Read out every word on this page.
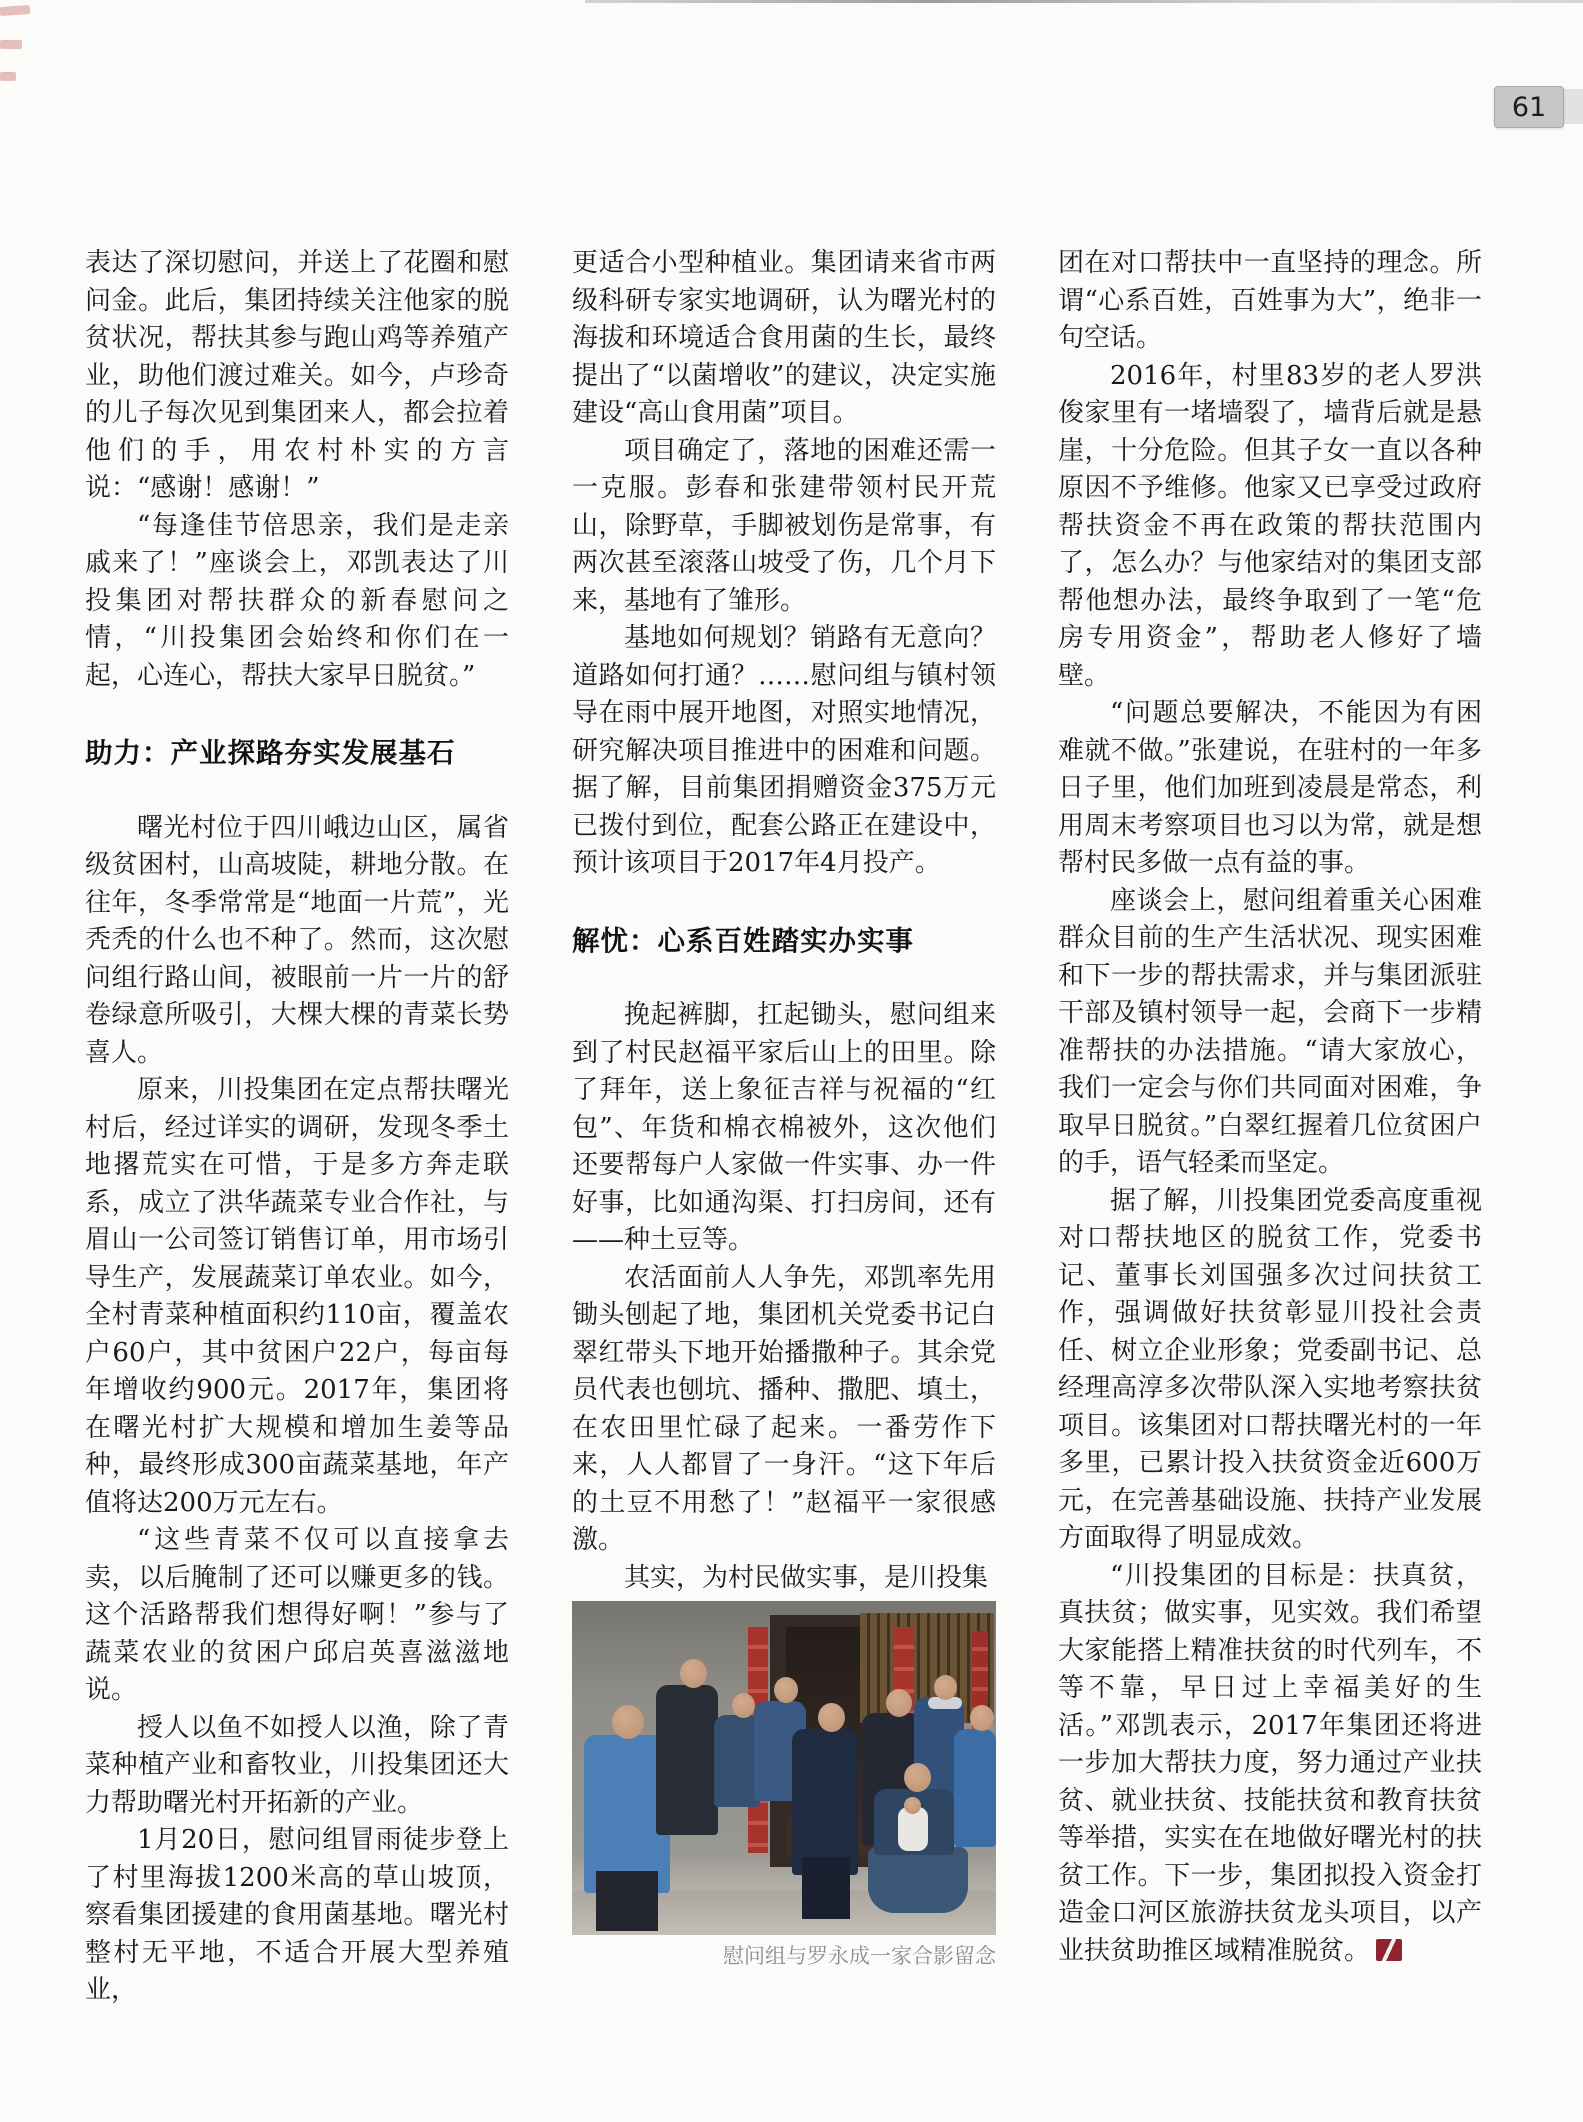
61

表达了深切慰问，并送上了花圈和慰问金。此后，集团持续关注他家的脱贫状况，帮扶其参与跑山鸡等养殖产业，助他们渡过难关。如今，卢珍奇的儿子每次见到集团来人，都会拉着他们的手，用农村朴实的方言说：“感谢！感谢！”

“每逢佳节倍思亲，我们是走亲戚来了！”座谈会上，邓凯表达了川投集团对帮扶群众的新春慰问之情，“川投集团会始终和你们在一起，心连心，帮扶大家早日脱贫。”

助力：产业探路夯实发展基石

曙光村位于四川峨边山区，属省级贫困村，山高坡陡，耕地分散。在往年，冬季常常是“地面一片荒”，光秃秃的什么也不种了。然而，这次慰问组行路山间，被眼前一片一片的舒卷绿意所吸引，大棵大棵的青菜长势喜人。

原来，川投集团在定点帮扶曙光村后，经过详实的调研，发现冬季土地撂荒实在可惜，于是多方奔走联系，成立了洪华蔬菜专业合作社，与眉山一公司签订销售订单，用市场引导生产，发展蔬菜订单农业。如今，全村青菜种植面积约110亩，覆盖农户60户，其中贫困户22户，每亩每年增收约900元。2017年，集团将在曙光村扩大规模和增加生姜等品种，最终形成300亩蔬菜基地，年产值将达200万元左右。

“这些青菜不仅可以直接拿去卖，以后腌制了还可以赚更多的钱。这个活路帮我们想得好啊！”参与了蔬菜农业的贫困户邱启英喜滋滋地说。

授人以鱼不如授人以渔，除了青菜种植产业和畜牧业，川投集团还大力帮助曙光村开拓新的产业。

1月20日，慰问组冒雨徒步登上了村里海拔1200米高的草山坡顶，察看集团援建的食用菌基地。曙光村整村无平地，不适合开展大型养殖业，

更适合小型种植业。集团请来省市两级科研专家实地调研，认为曙光村的海拔和环境适合食用菌的生长，最终提出了“以菌增收”的建议，决定实施建设“高山食用菌”项目。

项目确定了，落地的困难还需一一克服。彭春和张建带领村民开荒山，除野草，手脚被划伤是常事，有两次甚至滚落山坡受了伤，几个月下来，基地有了雏形。

基地如何规划？销路有无意向？道路如何打通？……慰问组与镇村领导在雨中展开地图，对照实地情况，研究解决项目推进中的困难和问题。据了解，目前集团捐赠资金375万元已拨付到位，配套公路正在建设中，预计该项目于2017年4月投产。

解忧：心系百姓踏实办实事

挽起裤脚，扛起锄头，慰问组来到了村民赵福平家后山上的田里。除了拜年，送上象征吉祥与祝福的“红包”、年货和棉衣棉被外，这次他们还要帮每户人家做一件实事、办一件好事，比如通沟渠、打扫房间，还有——种土豆等。

农活面前人人争先，邓凯率先用锄头刨起了地，集团机关党委书记白翠红带头下地开始播撒种子。其余党员代表也刨坑、播种、撒肥、填土，在农田里忙碌了起来。一番劳作下来，人人都冒了一身汗。“这下年后的土豆不用愁了！”赵福平一家很感激。

其实，为村民做实事，是川投集

团在对口帮扶中一直坚持的理念。所谓“心系百姓，百姓事为大”，绝非一句空话。

2016年，村里83岁的老人罗洪俊家里有一堵墙裂了，墙背后就是悬崖，十分危险。但其子女一直以各种原因不予维修。他家又已享受过政府帮扶资金不再在政策的帮扶范围内了，怎么办？与他家结对的集团支部帮他想办法，最终争取到了一笔“危房专用资金”，帮助老人修好了墙壁。

“问题总要解决，不能因为有困难就不做。”张建说，在驻村的一年多日子里，他们加班到凌晨是常态，利用周末考察项目也习以为常，就是想帮村民多做一点有益的事。

座谈会上，慰问组着重关心困难群众目前的生产生活状况、现实困难和下一步的帮扶需求，并与集团派驻干部及镇村领导一起，会商下一步精准帮扶的办法措施。“请大家放心，我们一定会与你们共同面对困难，争取早日脱贫。”白翠红握着几位贫困户的手，语气轻柔而坚定。

据了解，川投集团党委高度重视对口帮扶地区的脱贫工作，党委书记、董事长刘国强多次过问扶贫工作，强调做好扶贫彰显川投社会责任、树立企业形象；党委副书记、总经理高淳多次带队深入实地考察扶贫项目。该集团对口帮扶曙光村的一年多里，已累计投入扶贫资金近600万元，在完善基础设施、扶持产业发展方面取得了明显成效。

“川投集团的目标是：扶真贫，真扶贫；做实事，见实效。我们希望大家能搭上精准扶贫的时代列车，不等不靠，早日过上幸福美好的生活。”邓凯表示，2017年集团还将进一步加大帮扶力度，努力通过产业扶贫、就业扶贫、技能扶贫和教育扶贫等举措，实实在在地做好曙光村的扶贫工作。下一步，集团拟投入资金打造金口河区旅游扶贫龙头项目，以产业扶贫助推区域精准脱贫。

慰问组与罗永成一家合影留念
